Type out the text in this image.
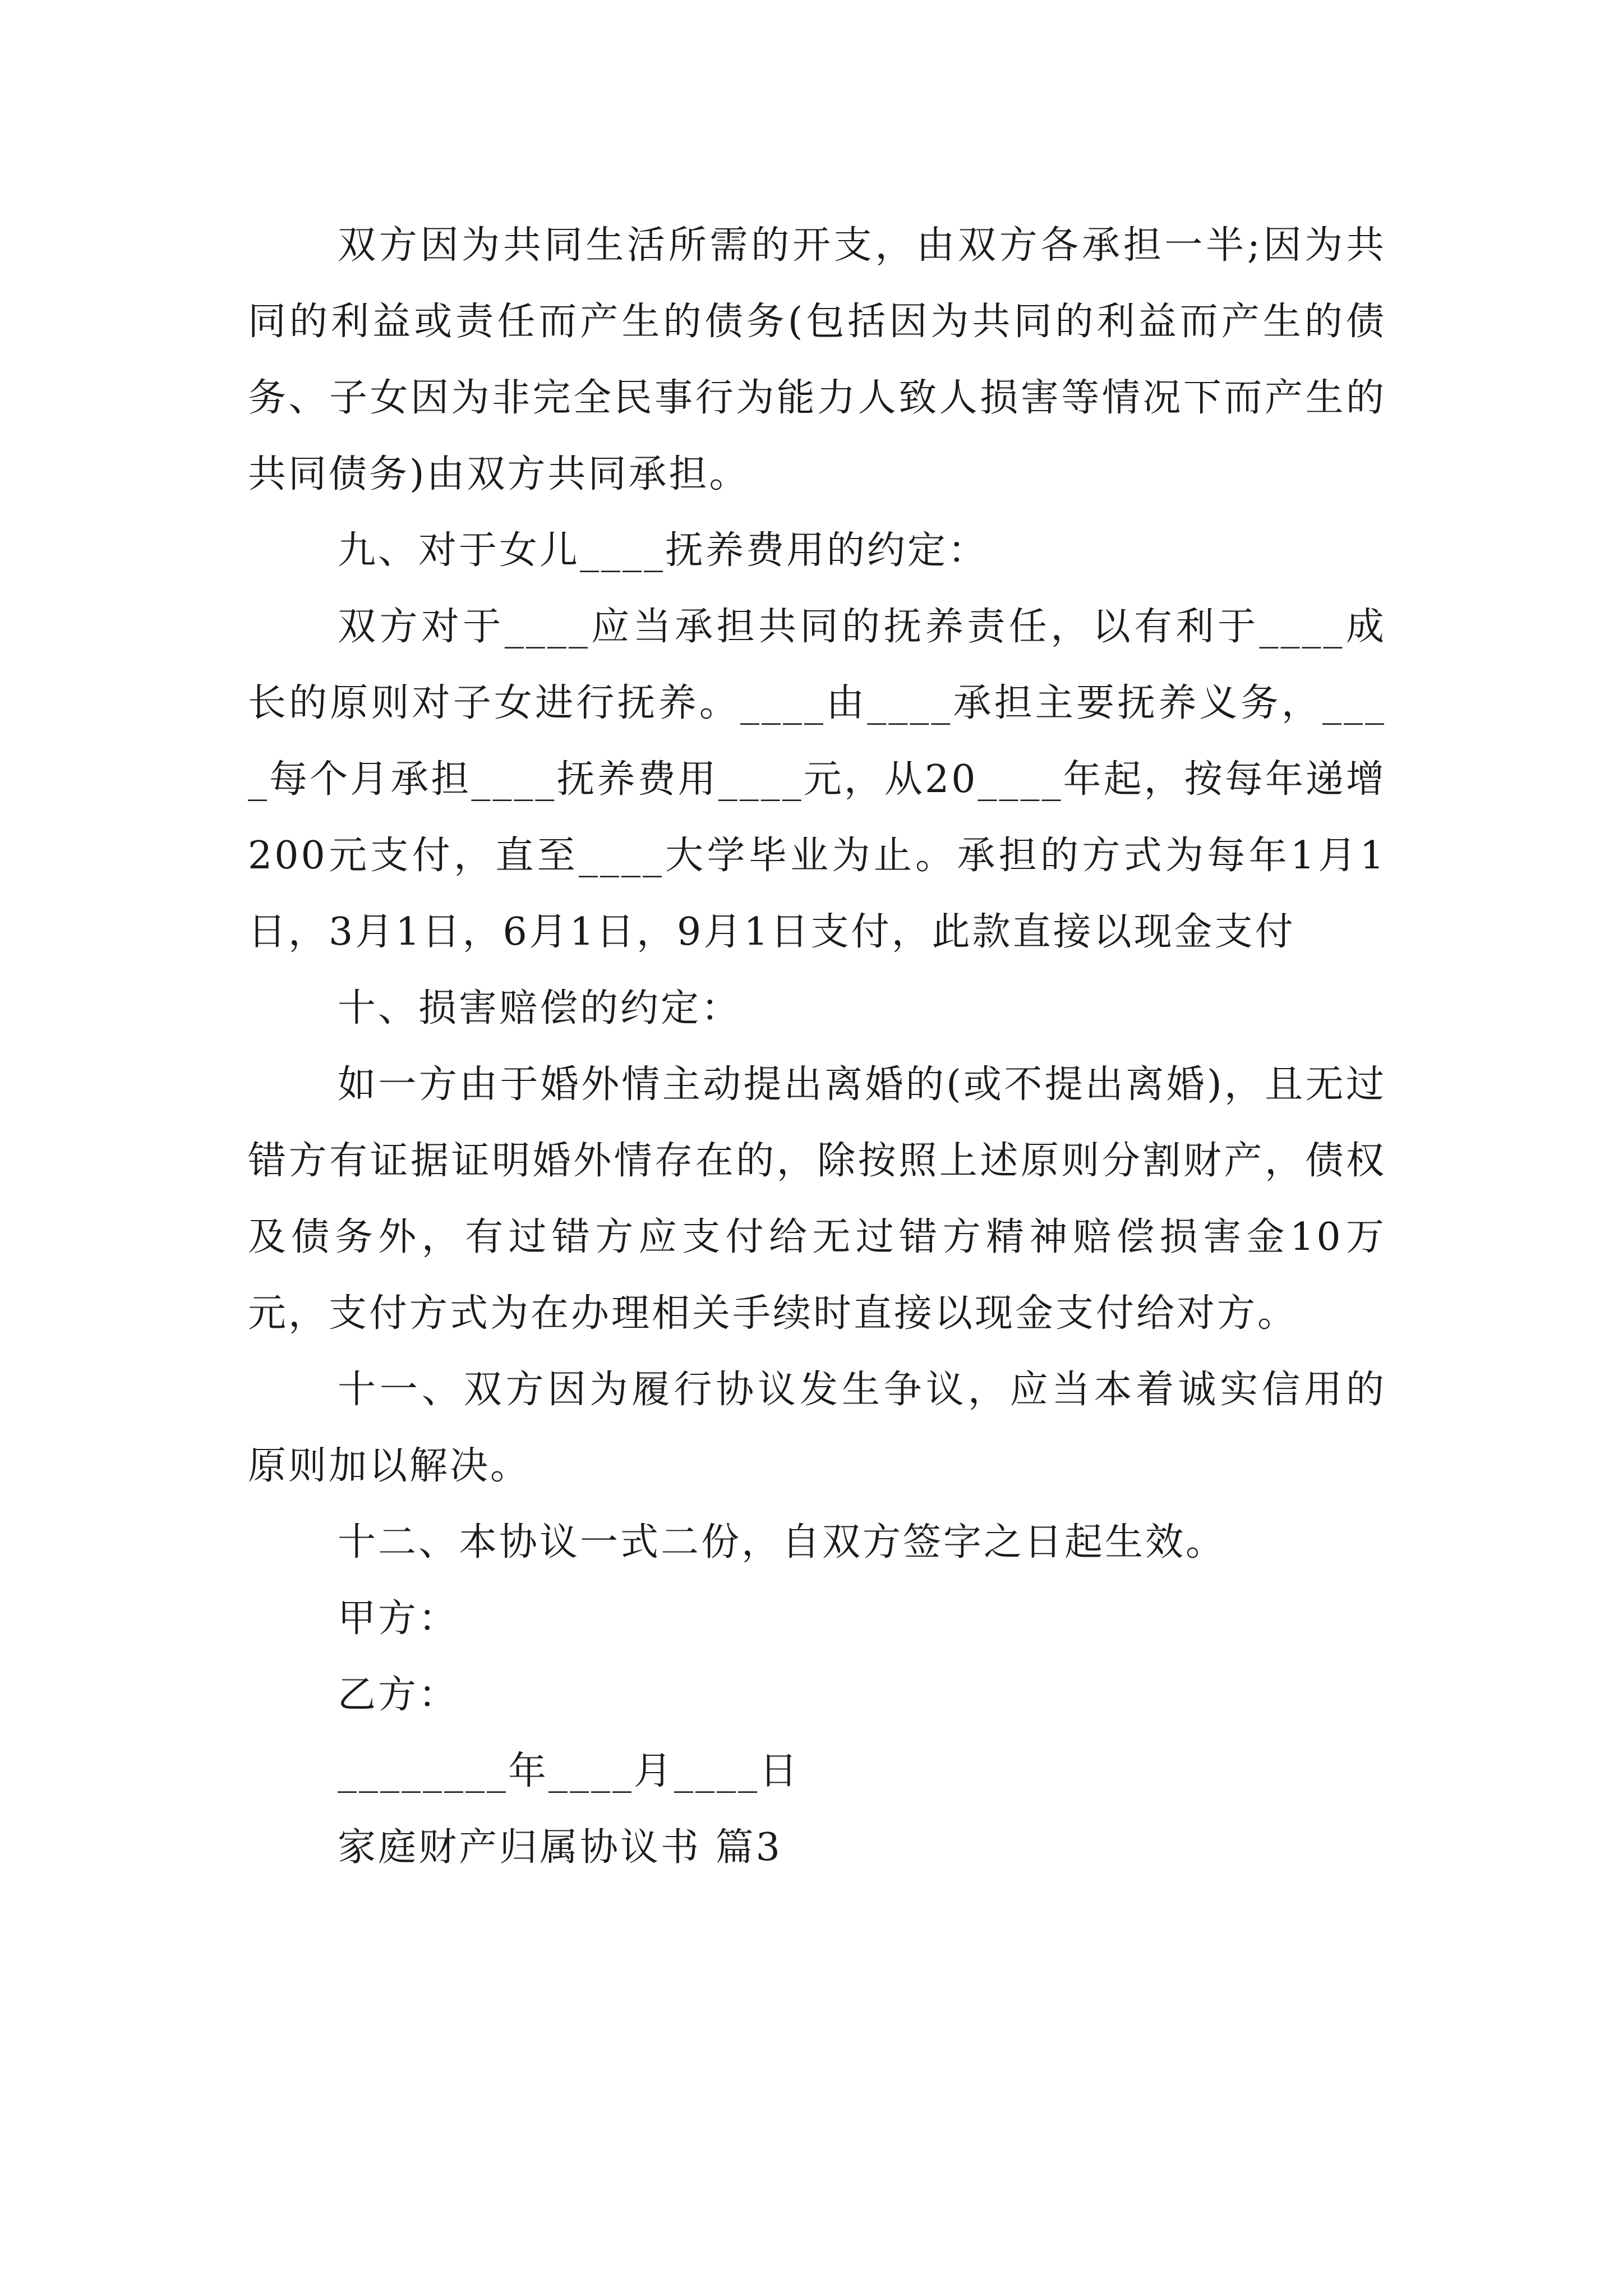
双方因为共同生活所需的开支，由双方各承担一半;因为共同的利益或责任而产生的债务(包括因为共同的利益而产生的债务、子女因为非完全民事行为能力人致人损害等情况下而产生的共同债务)由双方共同承担。

九、对于女儿____抚养费用的约定：

双方对于____应当承担共同的抚养责任，以有利于____成长的原则对子女进行抚养。____由____承担主要抚养义务，____每个月承担____抚养费用____元，从20____年起，按每年递增200元支付，直至____大学毕业为止。承担的方式为每年1月1日，3月1日，6月1日，9月1日支付，此款直接以现金支付

十、损害赔偿的约定：

如一方由于婚外情主动提出离婚的(或不提出离婚)，且无过错方有证据证明婚外情存在的，除按照上述原则分割财产，债权及债务外，有过错方应支付给无过错方精神赔偿损害金10万元，支付方式为在办理相关手续时直接以现金支付给对方。

十一、双方因为履行协议发生争议，应当本着诚实信用的原则加以解决。

十二、本协议一式二份，自双方签字之日起生效。

甲方：

乙方：

________年____月____日

家庭财产归属协议书 篇3
